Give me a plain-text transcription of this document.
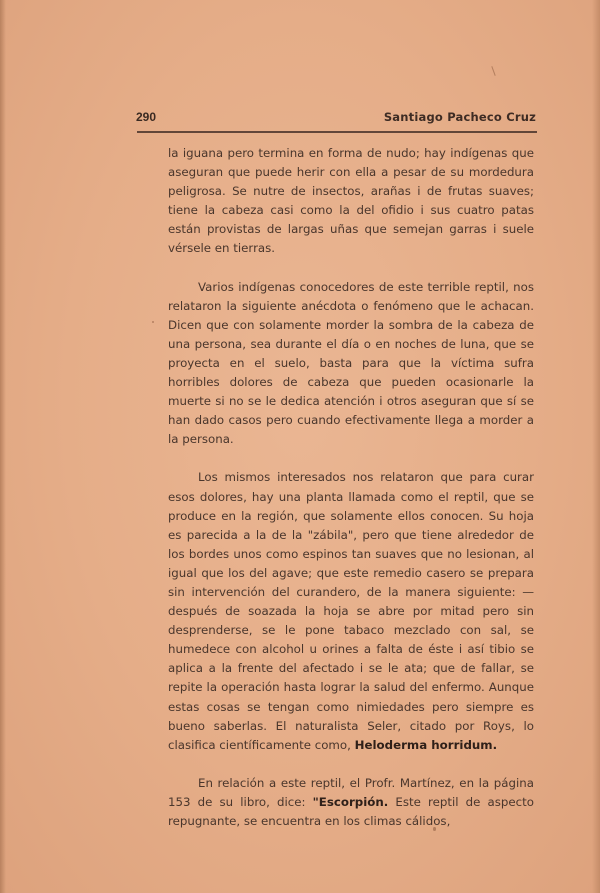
290	Santiago Pacheco Cruz

la iguana pero termina en forma de nudo; hay indígenas que aseguran que puede herir con ella a pesar de su mordedura peligrosa. Se nutre de insectos, arañas i de frutas suaves; tiene la cabeza casi como la del ofidio i sus cuatro patas están provistas de largas uñas que semejan garras i suele vérsele en tierras.

Varios indígenas conocedores de este terrible reptil, nos relataron la siguiente anécdota o fenómeno que le achacan. Dicen que con solamente morder la sombra de la cabeza de una persona, sea durante el día o en noches de luna, que se proyecta en el suelo, basta para que la víctima sufra horribles dolores de cabeza que pueden ocasionarle la muerte si no se le dedica atención i otros aseguran que sí se han dado casos pero cuando efectivamente llega a morder a la persona.

Los mismos interesados nos relataron que para curar esos dolores, hay una planta llamada como el reptil, que se produce en la región, que solamente ellos conocen. Su hoja es parecida a la de la "zábila", pero que tiene alrededor de los bordes unos como espinos tan suaves que no lesionan, al igual que los del agave; que este remedio casero se prepara sin intervención del curandero, de la manera siguiente: —después de soazada la hoja se abre por mitad pero sin desprenderse, se le pone tabaco mezclado con sal, se humedece con alcohol u orines a falta de éste i así tibio se aplica a la frente del afectado i se le ata; que de fallar, se repite la operación hasta lograr la salud del enfermo. Aunque estas cosas se tengan como nimiedades pero siempre es bueno saberlas. El naturalista Seler, citado por Roys, lo clasifica científicamente como, Heloderma horridum.

En relación a este reptil, el Profr. Martínez, en la página 153 de su libro, dice: "Escorpión. Este reptil de aspecto repugnante, se encuentra en los climas cálidos,
